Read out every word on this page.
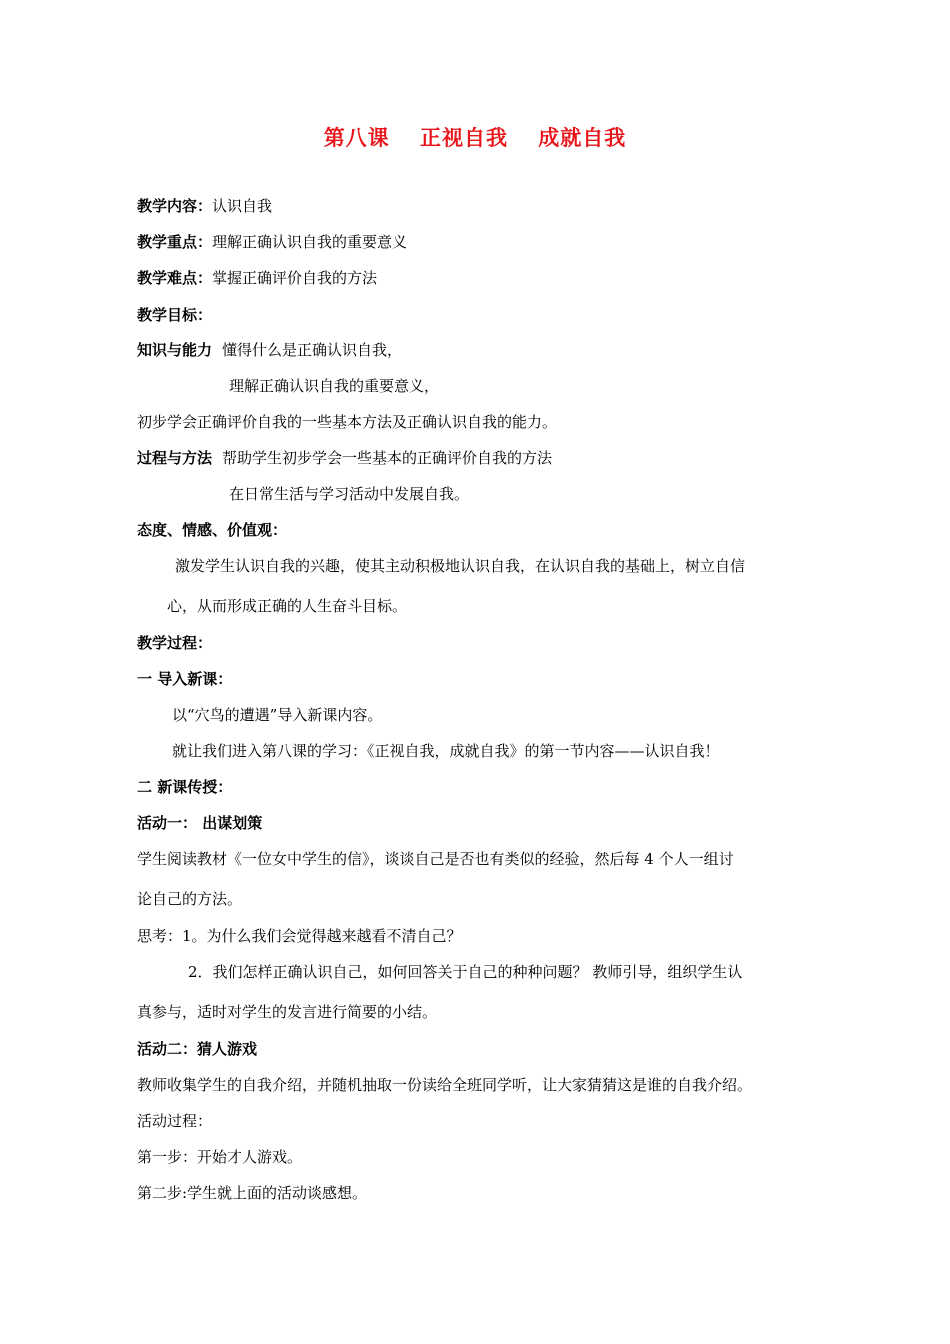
第八课　 正视自我　 成就自我
教学内容：认识自我
教学重点：理解正确认识自我的重要意义
教学难点：掌握正确评价自我的方法
教学目标：
知识与能力 懂得什么是正确认识自我，
理解正确认识自我的重要意义，
初步学会正确评价自我的一些基本方法及正确认识自我的能力。
过程与方法 帮助学生初步学会一些基本的正确评价自我的方法
在日常生活与学习活动中发展自我。
态度、情感、价值观：
激发学生认识自我的兴趣，使其主动积极地认识自我，在认识自我的基础上，树立自信
心，从而形成正确的人生奋斗目标。
教学过程：
一 导入新课：
以“穴鸟的遭遇”导入新课内容。
就让我们进入第八课的学习：《正视自我，成就自我》的第一节内容——认识自我！
二 新课传授：
活动一： 出谋划策
学生阅读教材《一位女中学生的信》，谈谈自己是否也有类似的经验，然后每 4 个人一组讨
论自己的方法。
思考：1。为什么我们会觉得越来越看不清自己？
2．我们怎样正确认识自己，如何回答关于自己的种种问题？ 教师引导，组织学生认
真参与，适时对学生的发言进行简要的小结。
活动二：猜人游戏
教师收集学生的自我介绍，并随机抽取一份读给全班同学听，让大家猜猜这是谁的自我介绍。
活动过程：
第一步：开始才人游戏。
第二步:学生就上面的活动谈感想。
